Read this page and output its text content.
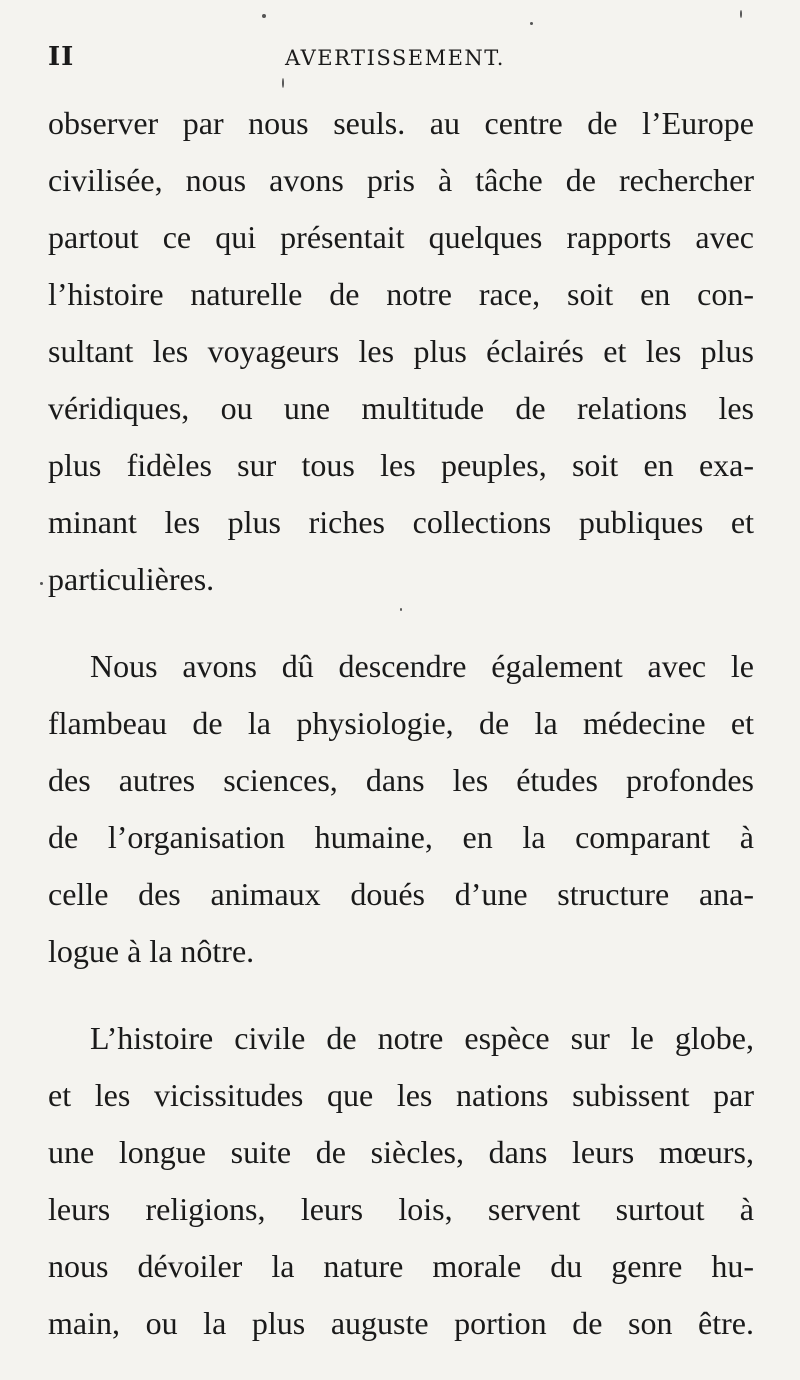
II	AVERTISSEMENT.
observer par nous seuls. au centre de l’Europe
civilisée, nous avons pris à tâche de rechercher
partout ce qui présentait quelques rapports avec
l’histoire naturelle de notre race, soit en con-
sultant les voyageurs les plus éclairés et les plus
véridiques, ou une multitude de relations les
plus fidèles sur tous les peuples, soit en exa-
minant les plus riches collections publiques et
particulières.
Nous avons dû descendre également avec le
flambeau de la physiologie, de la médecine et
des autres sciences, dans les études profondes
de l’organisation humaine, en la comparant à
celle des animaux doués d’une structure ana-
logue à la nôtre.
L’histoire civile de notre espèce sur le globe,
et les vicissitudes que les nations subissent par
une longue suite de siècles, dans leurs mœurs,
leurs religions, leurs lois, servent surtout à
nous dévoiler la nature morale du genre hu-
main, ou la plus auguste portion de son être.
